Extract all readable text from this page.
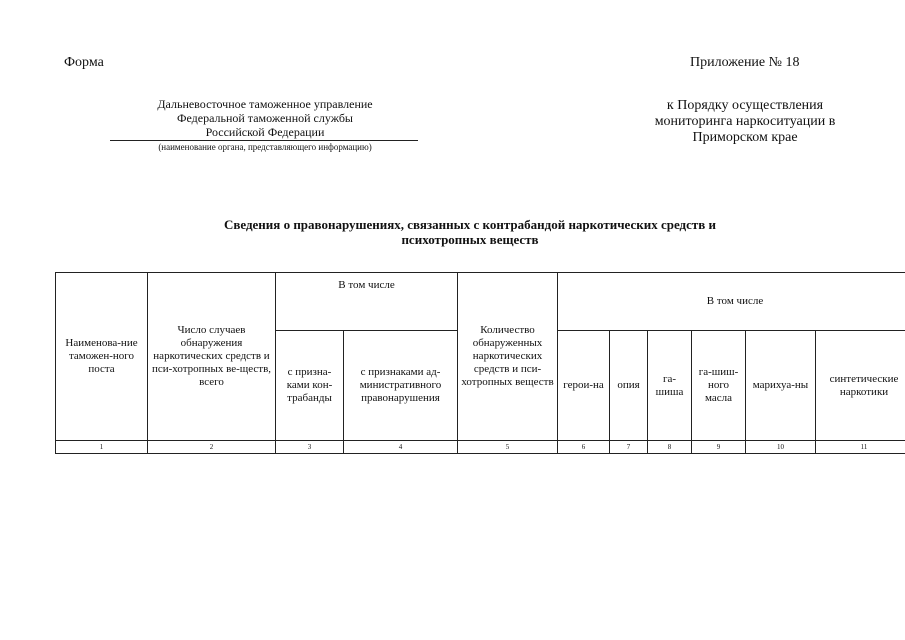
Форма	Приложение № 18
Дальневосточное таможенное управление
Федеральной таможенной службы
Российской Федерации
(наименование органа, представляющего информацию)
к Порядку осуществления
мониторинга наркоситуации в
Приморском крае
Сведения о правонарушениях, связанных с контрабандой наркотических средств и
психотропных веществ
Наименова-ние таможен-ного поста	Число случаев обнаружения наркотических средств и пси-хотропных ве-ществ, всего	В том числе		Количество обнаруженных наркотических средств и пси-хотропных веществ	В том числе					
		с призна-ками кон-трабанды	с признаками ад-министративного правонарушения		герои-на	опия	га-шиша	га-шиш-ного масла	марихуа-ны	синтетические наркотики
1	2	3	4	5	6	7	8	9	10	11
